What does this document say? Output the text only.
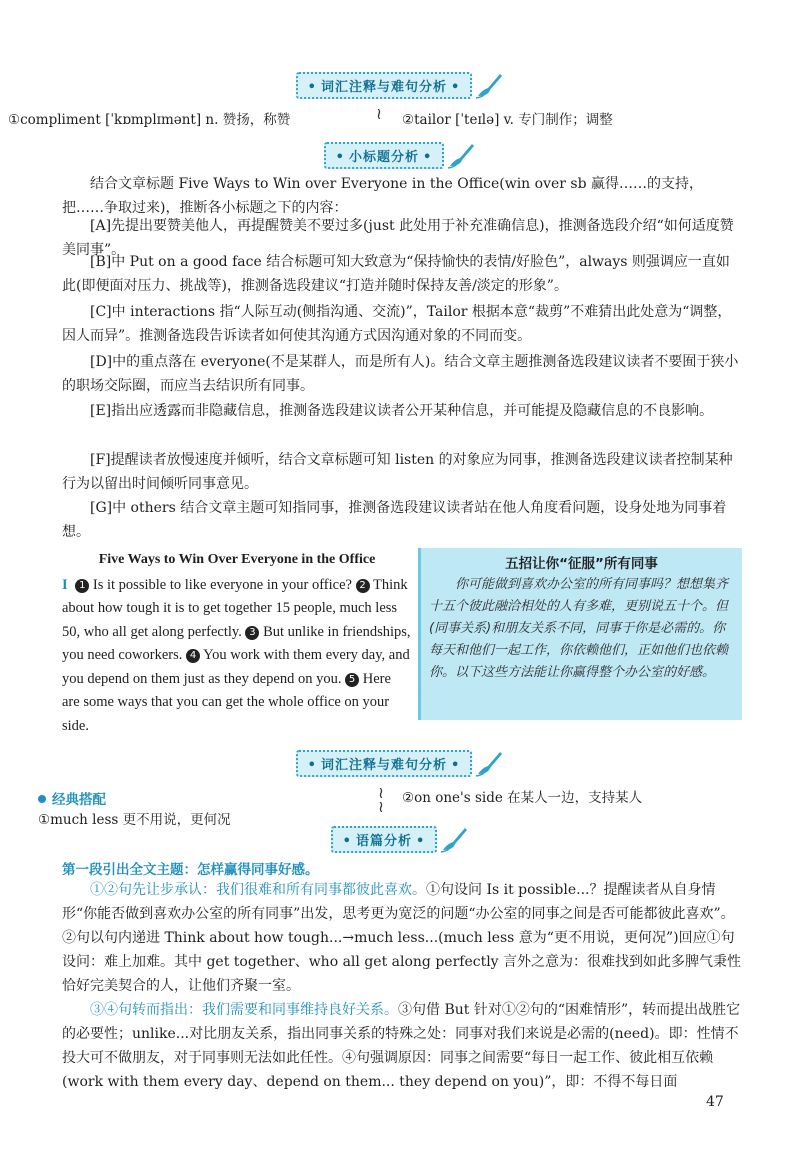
• 词汇注释与难句分析 •
①compliment [ˈkɒmplɪmənt] n. 赞扬，称赞	≀ ②tailor [ˈteɪlə] v. 专门制作；调整
• 小标题分析 •
结合文章标题 Five Ways to Win over Everyone in the Office(win over sb 赢得……的支持，把……争取过来)，推断各小标题之下的内容：
[A]先提出要赞美他人，再提醒赞美不要过多(just 此处用于补充准确信息)，推测备选段介绍“如何适度赞美同事”。
[B]中 Put on a good face 结合标题可知大致意为“保持愉快的表情/好脸色”，always 则强调应一直如此(即便面对压力、挑战等)，推测备选段建议“打造并随时保持友善/淡定的形象”。
[C]中 interactions 指“人际互动(侧指沟通、交流)”，Tailor 根据本意“裁剪”不难猜出此处意为“调整，因人而异”。推测备选段告诉读者如何使其沟通方式因沟通对象的不同而变。
[D]中的重点落在 everyone(不是某群人，而是所有人)。结合文章主题推测备选段建议读者不要囿于狭小的职场交际圈，而应当去结识所有同事。
[E]指出应透露而非隐藏信息，推测备选段建议读者公开某种信息，并可能提及隐藏信息的不良影响。
[F]提醒读者放慢速度并倾听，结合文章标题可知 listen 的对象应为同事，推测备选段建议读者控制某种行为以留出时间倾听同事意见。
[G]中 others 结合文章主题可知指同事，推测备选段建议读者站在他人角度看问题，设身处地为同事着想。
Five Ways to Win Over Everyone in the Office
I 1 Is it possible to like everyone in your office? 2 Think about how tough it is to get together 15 people, much less 50, who all get along perfectly. 3 But unlike in friendships, you need coworkers. 4 You work with them every day, and you depend on them just as they depend on you. 5 Here are some ways that you can get the whole office on your side.
五招让你“征服”所有同事
你可能做到喜欢办公室的所有同事吗？想想集齐十五个彼此融洽相处的人有多难，更别说五十个。但(同事关系)和朋友关系不同，同事于你是必需的。你每天和他们一起工作，你依赖他们，正如他们也依赖你。以下这些方法能让你赢得整个办公室的好感。
• 词汇注释与难句分析 •
经典搭配
①much less 更不用说，更何况
≀
≀ ②on one's side 在某人一边，支持某人
• 语篇分析 •
第一段引出全文主题：怎样赢得同事好感。
①②句先让步承认：我们很难和所有同事都彼此喜欢。①句设问 Is it possible...？提醒读者从自身情形“你能否做到喜欢办公室的所有同事”出发，思考更为宽泛的问题“办公室的同事之间是否可能都彼此喜欢”。②句以句内递进 Think about how tough...→much less...(much less 意为“更不用说，更何况”)回应①句设问：难上加难。其中 get together、who all get along perfectly 言外之意为：很难找到如此多脾气秉性恰好完美契合的人，让他们齐聚一室。
③④句转而指出：我们需要和同事维持良好关系。③句借 But 针对①②句的“困难情形”，转而提出战胜它的必要性；unlike...对比朋友关系，指出同事关系的特殊之处：同事对我们来说是必需的(need)。即：性情不投大可不做朋友，对于同事则无法如此任性。④句强调原因：同事之间需要“每日一起工作、彼此相互依赖(work with them every day、depend on them... they depend on you)”，即：不得不每日面
47
